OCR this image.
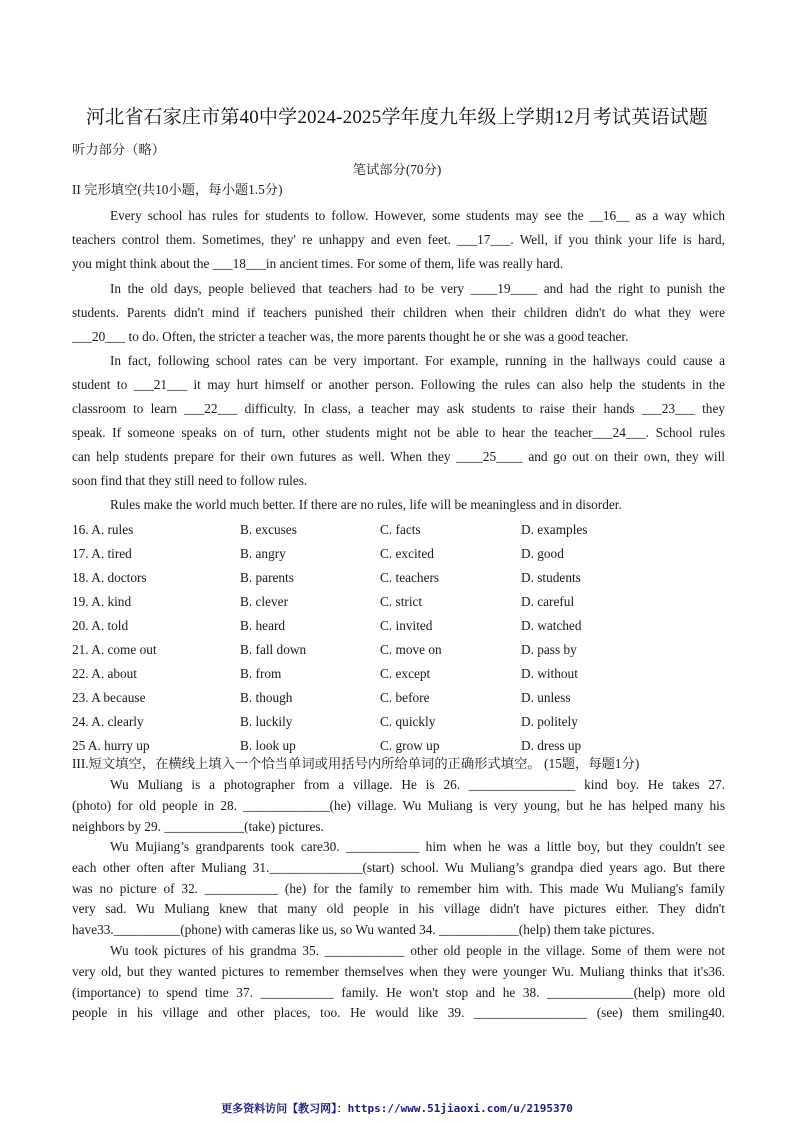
河北省石家庄市第40中学2024-2025学年度九年级上学期12月考试英语试题
听力部分（略）
笔试部分(70分)
II 完形填空(共10小题，每小题1.5分)
Every school has rules for students to follow. However, some students may see the __16__ as a way which
teachers control them. Sometimes, they' re unhappy and even feet. ___17___. Well, if you think your life is hard,
you might think about the ___18___in ancient times. For some of them, life was really hard.
In the old days, people believed that teachers had to be very ____19____ and had the right to punish the
students. Parents didn't mind if teachers punished their children when their children didn't do what they were
___20___ to do. Often, the stricter a teacher was, the more parents thought he or she was a good teacher.
In fact, following school rates can be very important. For example, running in the hallways could cause a
student to ___21___ it may hurt himself or another person. Following the rules can also help the students in the
classroom to learn ___22___ difficulty. In class, a teacher may ask students to raise their hands ___23___ they
speak. If someone speaks on of turn, other students might not be able to hear the teacher___24___. School rules
can help students prepare for their own futures as well. When they ____25____ and go out on their own, they will
soon find that they still need to follow rules.
Rules make the world much better. If there are no rules, life will be meaningless and in disorder.
16. A. rules	B. excuses	C. facts	D. examples
17. A. tired	B. angry	C. excited	D. good
18. A. doctors	B. parents	C. teachers	D. students
19. A. kind	B. clever	C. strict	D. careful
20. A. told	B. heard	C. invited	D. watched
21. A. come out	B. fall down	C. move on	D. pass by
22. A. about	B. from	C. except	D. without
23. A because	B. though	C. before	D. unless
24. A. clearly	B. luckily	C. quickly	D. politely
25 A. hurry up	B. look up	C. grow up	D. dress up
III.短文填空，在横线上填入一个恰当单词或用括号内所给单词的正确形式填空。 (15题，每题1分)
Wu Muliang is a photographer from a village. He is 26. ________________ kind boy. He takes 27.
(photo) for old people in 28. _____________(he) village. Wu Muliang is very young, but he has helped many his
neighbors by 29. ____________(take) pictures.
Wu Mujiang’s grandparents took care30. ___________ him when he was a little boy, but they couldn't see
each other often after Muliang 31.______________(start) school. Wu Muliang’s grandpa died years ago. But there
was no picture of 32. ___________ (he) for the family to remember him with. This made Wu Muliang's family
very sad. Wu Muliang knew that many old people in his village didn't have pictures either. They didn't
have33.__________(phone) with cameras like us, so Wu wanted 34. ____________(help) them take pictures.
Wu took pictures of his grandma 35. ____________ other old people in the village. Some of them were not
very old, but they wanted pictures to remember themselves when they were younger Wu. Muliang thinks that it's36.
(importance) to spend time 37. ___________ family. He won't stop and he 38. _____________(help) more old
people in his village and other places, too. He would like 39. _________________ (see) them smiling40.
更多资料访问【教习网】：https://www.51jiaoxi.com/u/2195370
